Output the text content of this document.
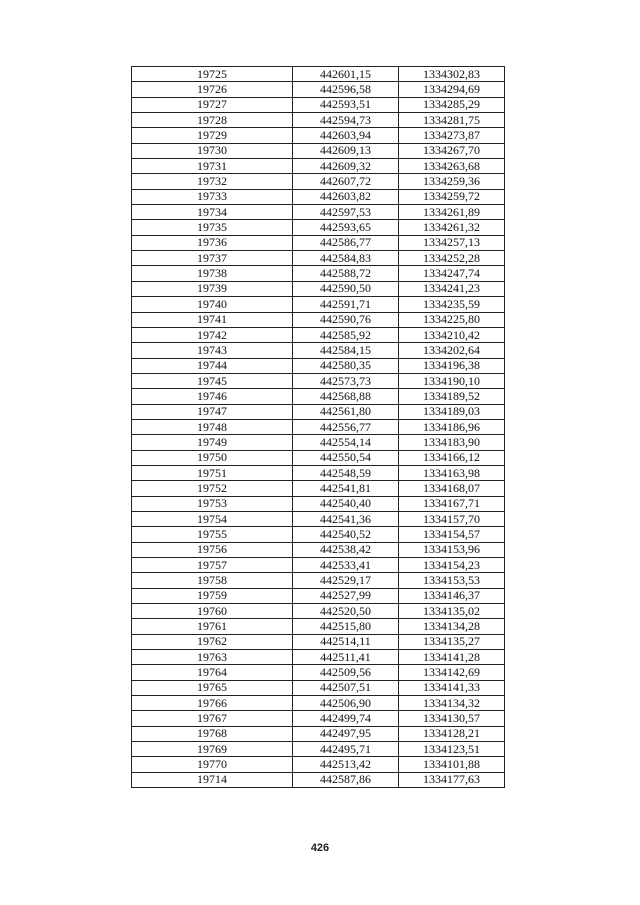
19725	442601,15	1334302,83
19726	442596,58	1334294,69
19727	442593,51	1334285,29
19728	442594,73	1334281,75
19729	442603,94	1334273,87
19730	442609,13	1334267,70
19731	442609,32	1334263,68
19732	442607,72	1334259,36
19733	442603,82	1334259,72
19734	442597,53	1334261,89
19735	442593,65	1334261,32
19736	442586,77	1334257,13
19737	442584,83	1334252,28
19738	442588,72	1334247,74
19739	442590,50	1334241,23
19740	442591,71	1334235,59
19741	442590,76	1334225,80
19742	442585,92	1334210,42
19743	442584,15	1334202,64
19744	442580,35	1334196,38
19745	442573,73	1334190,10
19746	442568,88	1334189,52
19747	442561,80	1334189,03
19748	442556,77	1334186,96
19749	442554,14	1334183,90
19750	442550,54	1334166,12
19751	442548,59	1334163,98
19752	442541,81	1334168,07
19753	442540,40	1334167,71
19754	442541,36	1334157,70
19755	442540,52	1334154,57
19756	442538,42	1334153,96
19757	442533,41	1334154,23
19758	442529,17	1334153,53
19759	442527,99	1334146,37
19760	442520,50	1334135,02
19761	442515,80	1334134,28
19762	442514,11	1334135,27
19763	442511,41	1334141,28
19764	442509,56	1334142,69
19765	442507,51	1334141,33
19766	442506,90	1334134,32
19767	442499,74	1334130,57
19768	442497,95	1334128,21
19769	442495,71	1334123,51
19770	442513,42	1334101,88
19714	442587,86	1334177,63
426
